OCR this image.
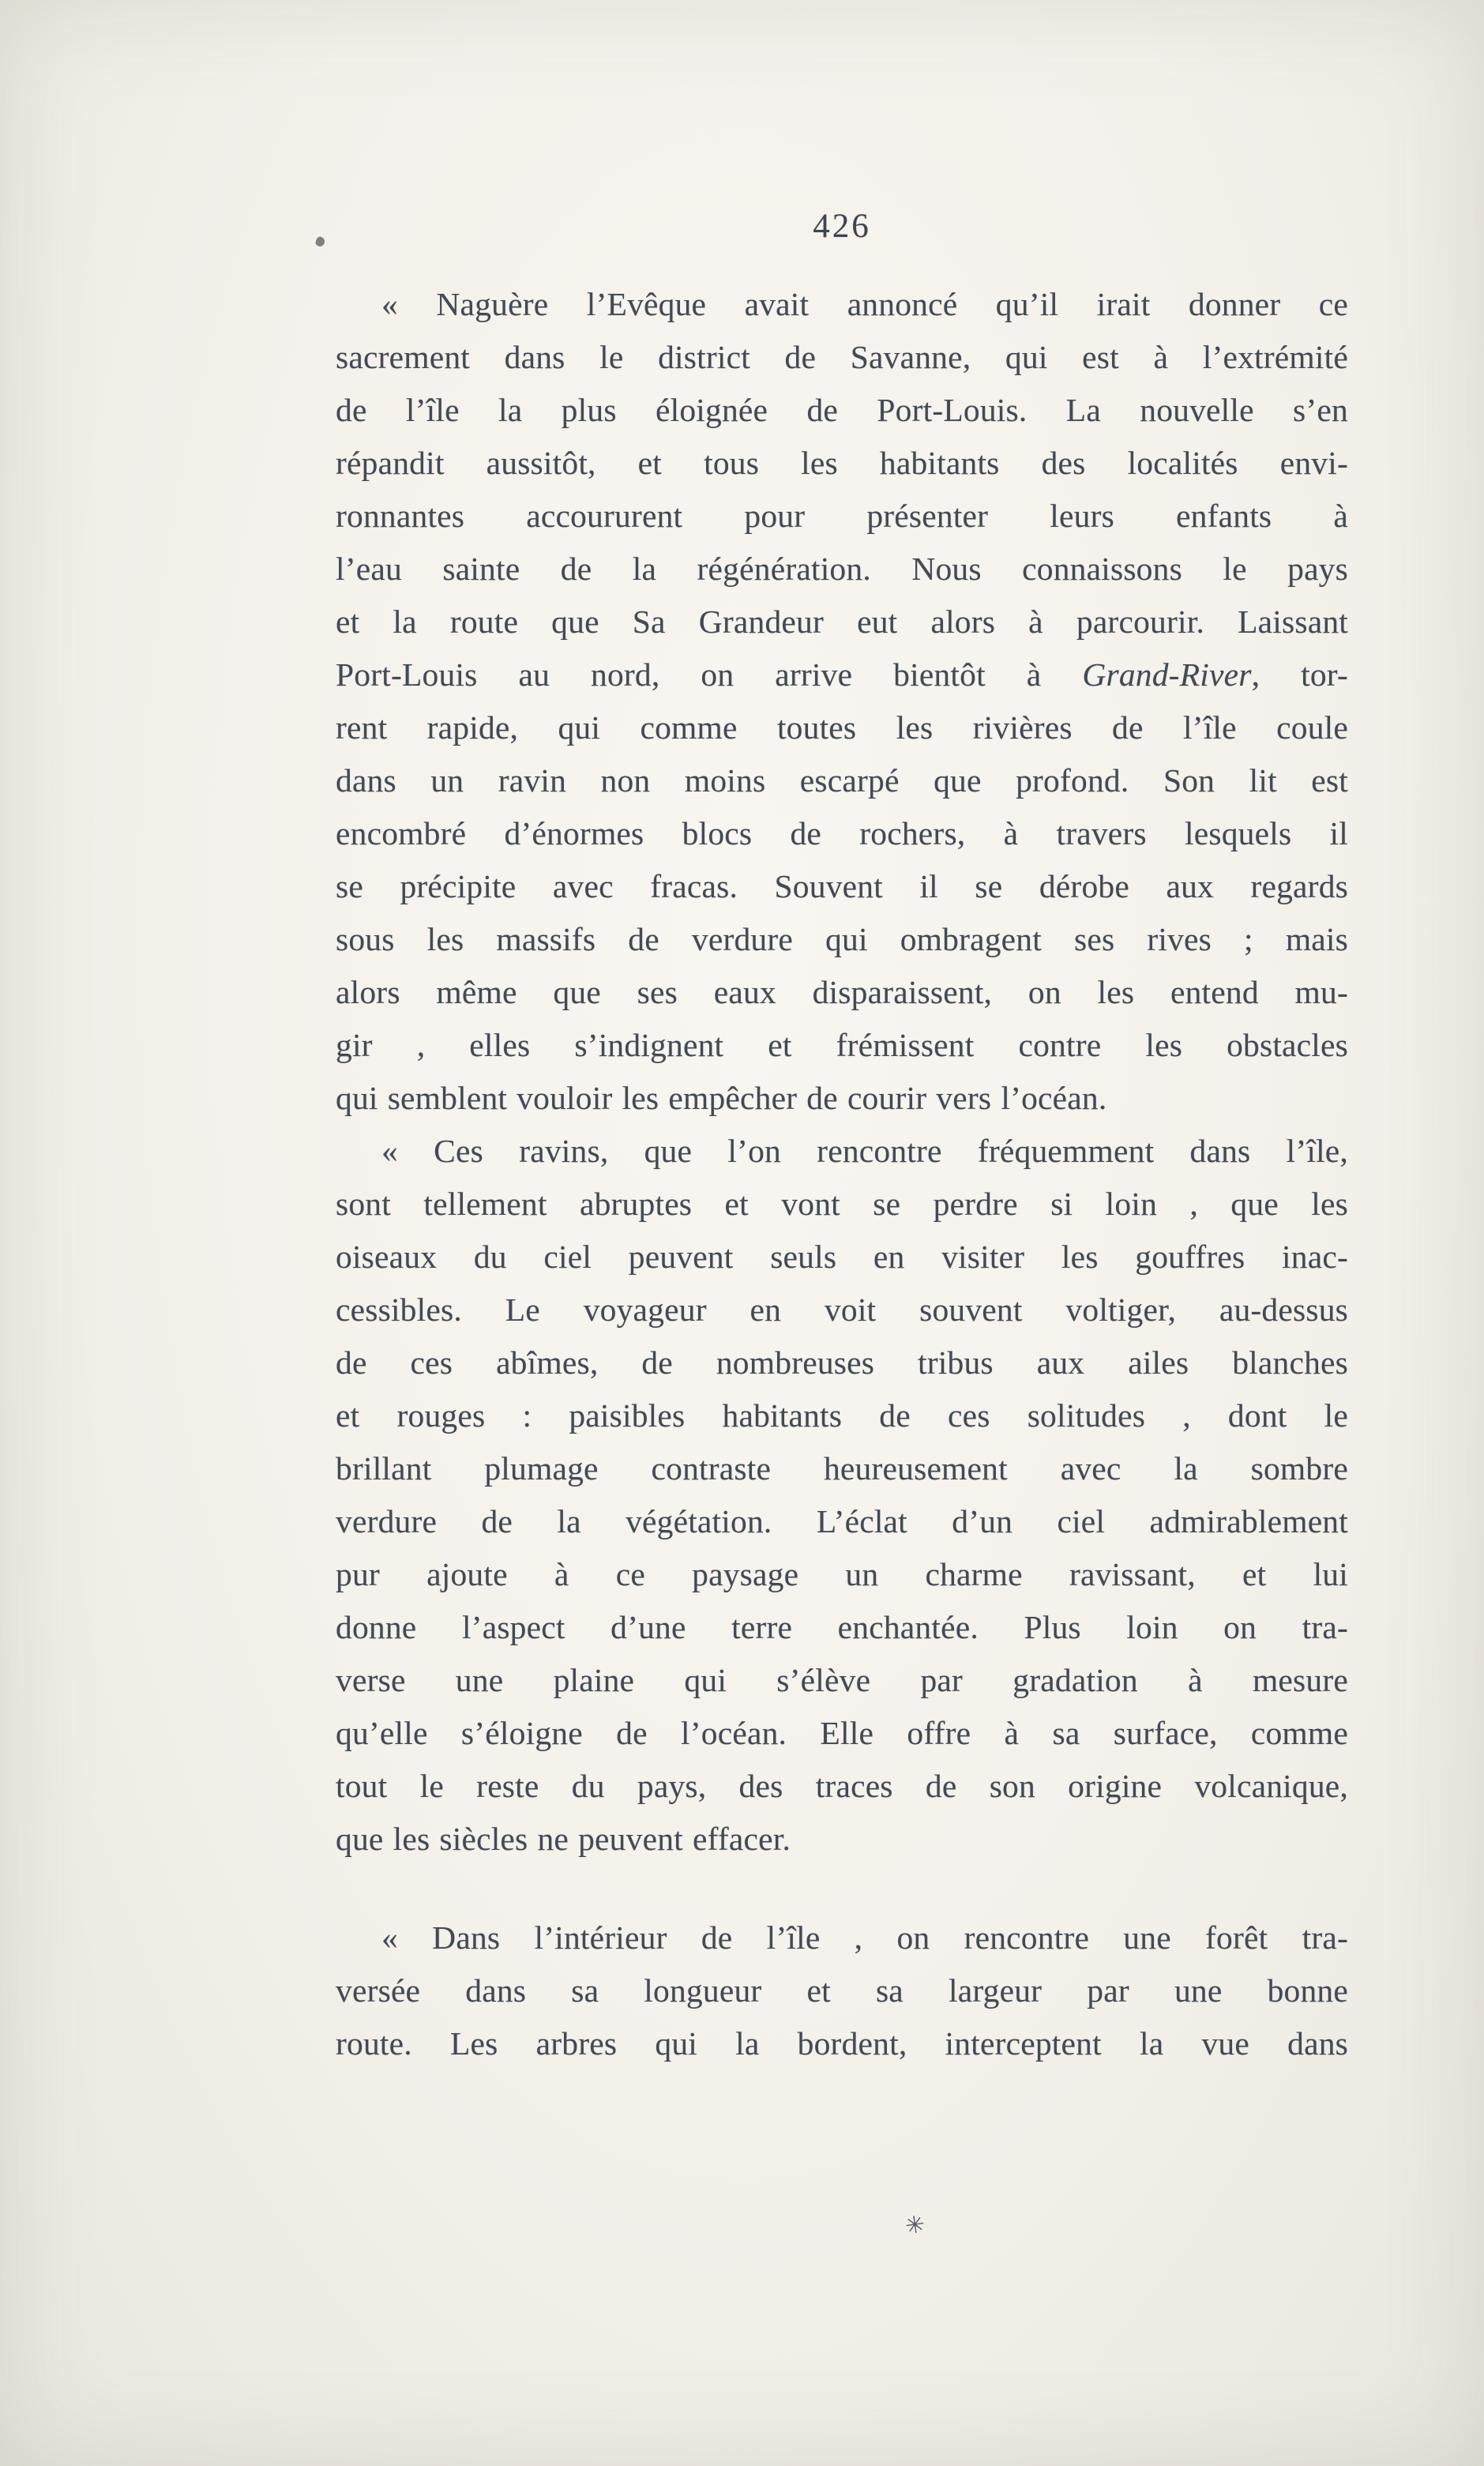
426
« Naguère l’Evêque avait annoncé qu’il irait donner ce
sacrement dans le district de Savanne, qui est à l’extrémité
de l’île la plus éloignée de Port-Louis. La nouvelle s’en
répandit aussitôt, et tous les habitants des localités envi-
ronnantes accoururent pour présenter leurs enfants à
l’eau sainte de la régénération. Nous connaissons le pays
et la route que Sa Grandeur eut alors à parcourir. Laissant
Port-Louis au nord, on arrive bientôt à Grand-River, tor-
rent rapide, qui comme toutes les rivières de l’île coule
dans un ravin non moins escarpé que profond. Son lit est
encombré d’énormes blocs de rochers, à travers lesquels il
se précipite avec fracas. Souvent il se dérobe aux regards
sous les massifs de verdure qui ombragent ses rives ; mais
alors même que ses eaux disparaissent, on les entend mu-
gir , elles s’indignent et frémissent contre les obstacles
qui semblent vouloir les empêcher de courir vers l’océan.
« Ces ravins, que l’on rencontre fréquemment dans l’île,
sont tellement abruptes et vont se perdre si loin , que les
oiseaux du ciel peuvent seuls en visiter les gouffres inac-
cessibles. Le voyageur en voit souvent voltiger, au-dessus
de ces abîmes, de nombreuses tribus aux ailes blanches
et rouges : paisibles habitants de ces solitudes , dont le
brillant plumage contraste heureusement avec la sombre
verdure de la végétation. L’éclat d’un ciel admirablement
pur ajoute à ce paysage un charme ravissant, et lui
donne l’aspect d’une terre enchantée. Plus loin on tra-
verse une plaine qui s’élève par gradation à mesure
qu’elle s’éloigne de l’océan. Elle offre à sa surface, comme
tout le reste du pays, des traces de son origine volcanique,
que les siècles ne peuvent effacer.
« Dans l’intérieur de l’île , on rencontre une forêt tra-
versée dans sa longueur et sa largeur par une bonne
route. Les arbres qui la bordent, interceptent la vue dans
✳
